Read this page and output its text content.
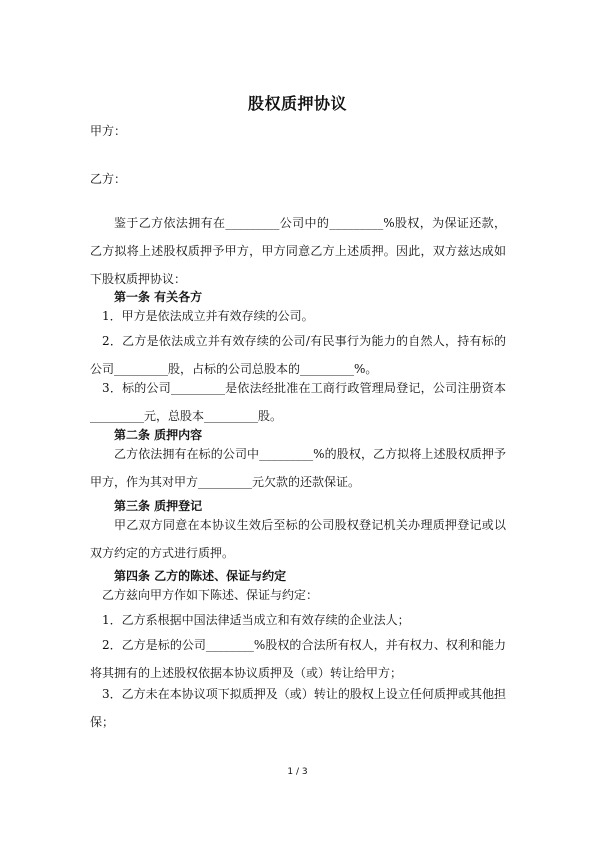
股权质押协议
甲方：
乙方：
鉴于乙方依法拥有在_________公司中的_________%股权，为保证还款，乙方拟将上述股权质押予甲方，甲方同意乙方上述质押。因此，双方兹达成如下股权质押协议：
第一条 有关各方
1．甲方是依法成立并有效存续的公司。
2．乙方是依法成立并有效存续的公司/有民事行为能力的自然人，持有标的公司_________股，占标的公司总股本的_________%。
3．标的公司_________是依法经批准在工商行政管理局登记，公司注册资本_________元，总股本_________股。
第二条 质押内容
乙方依法拥有在标的公司中_________%的股权，乙方拟将上述股权质押予甲方，作为其对甲方_________元欠款的还款保证。
第三条 质押登记
甲乙双方同意在本协议生效后至标的公司股权登记机关办理质押登记或以双方约定的方式进行质押。
第四条 乙方的陈述、保证与约定
乙方兹向甲方作如下陈述、保证与约定：
1．乙方系根据中国法律适当成立和有效存续的企业法人；
2．乙方是标的公司________%股权的合法所有权人，并有权力、权利和能力将其拥有的上述股权依据本协议质押及（或）转让给甲方；
3．乙方未在本协议项下拟质押及（或）转让的股权上设立任何质押或其他担保；
1 / 3
